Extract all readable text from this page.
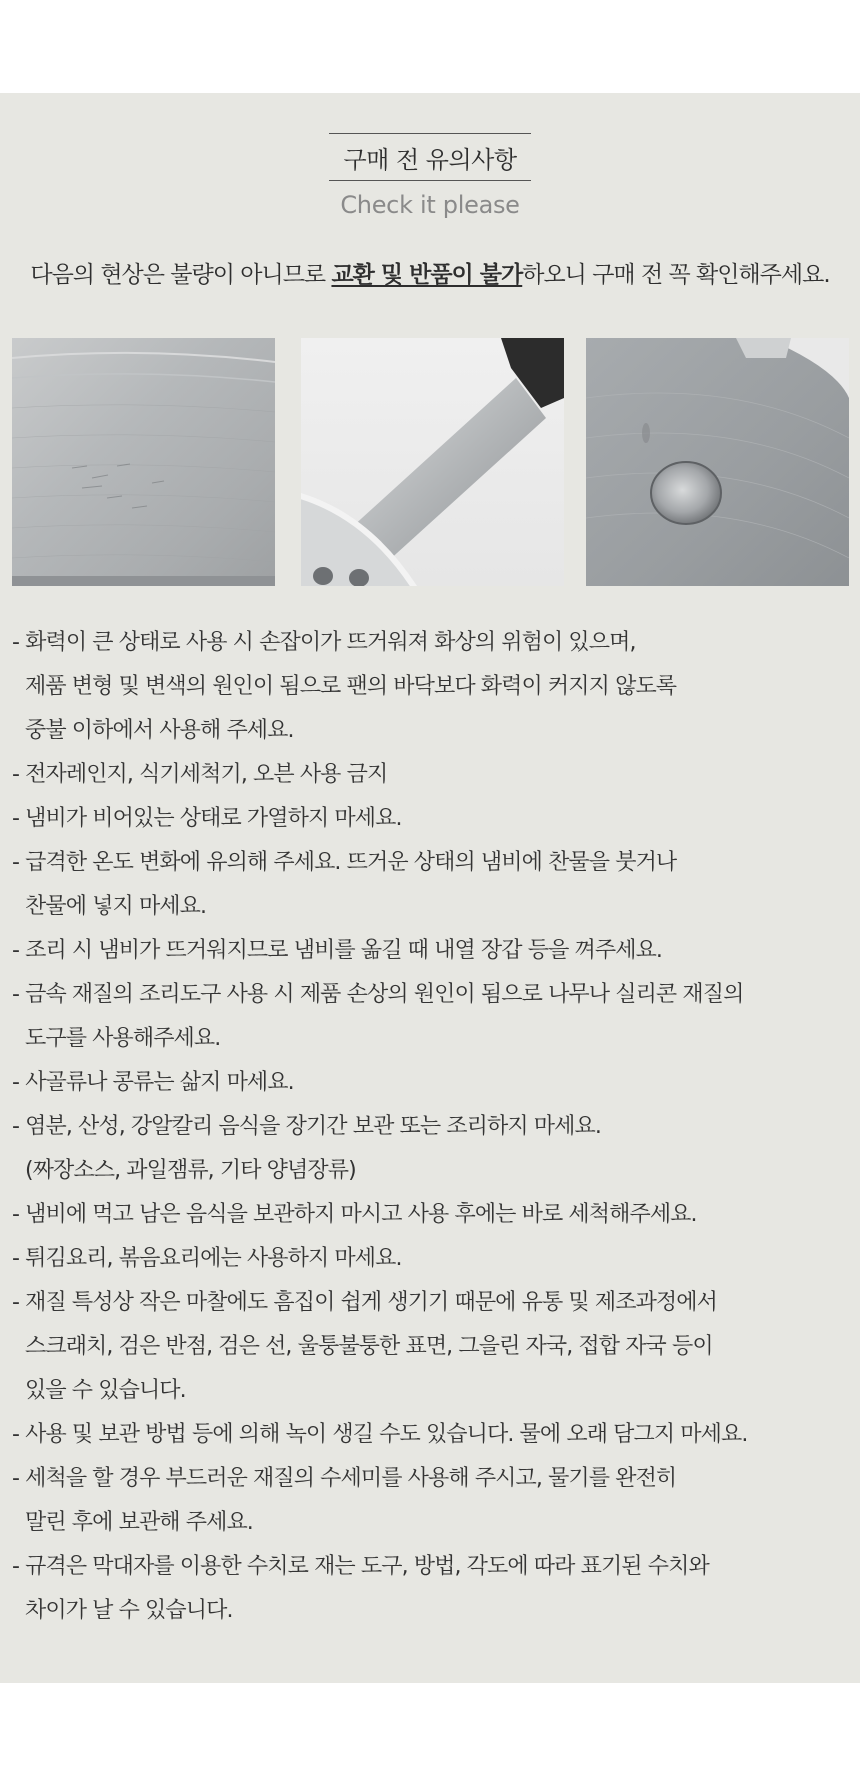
구매 전 유의사항
Check it please
다음의 현상은 불량이 아니므로 교환 및 반품이 불가하오니 구매 전 꼭 확인해주세요.
- 화력이 큰 상태로 사용 시 손잡이가 뜨거워져 화상의 위험이 있으며,
제품 변형 및 변색의 원인이 됨으로 팬의 바닥보다 화력이 커지지 않도록
중불 이하에서 사용해 주세요.
- 전자레인지, 식기세척기, 오븐 사용 금지
- 냄비가 비어있는 상태로 가열하지 마세요.
- 급격한 온도 변화에 유의해 주세요. 뜨거운 상태의 냄비에 찬물을 붓거나
찬물에 넣지 마세요.
- 조리 시 냄비가 뜨거워지므로 냄비를 옮길 때 내열 장갑 등을 껴주세요.
- 금속 재질의 조리도구 사용 시 제품 손상의 원인이 됨으로 나무나 실리콘 재질의
도구를 사용해주세요.
- 사골류나 콩류는 삶지 마세요.
- 염분, 산성, 강알칼리 음식을 장기간 보관 또는 조리하지 마세요.
(짜장소스, 과일잼류, 기타 양념장류)
- 냄비에 먹고 남은 음식을 보관하지 마시고 사용 후에는 바로 세척해주세요.
- 튀김요리, 볶음요리에는 사용하지 마세요.
- 재질 특성상 작은 마찰에도 흠집이 쉽게 생기기 때문에 유통 및 제조과정에서
스크래치, 검은 반점, 검은 선, 울퉁불퉁한 표면, 그을린 자국, 접합 자국 등이
있을 수 있습니다.
- 사용 및 보관 방법 등에 의해 녹이 생길 수도 있습니다. 물에 오래 담그지 마세요.
- 세척을 할 경우 부드러운 재질의 수세미를 사용해 주시고, 물기를 완전히
말린 후에 보관해 주세요.
- 규격은 막대자를 이용한 수치로 재는 도구, 방법, 각도에 따라 표기된 수치와
차이가 날 수 있습니다.
